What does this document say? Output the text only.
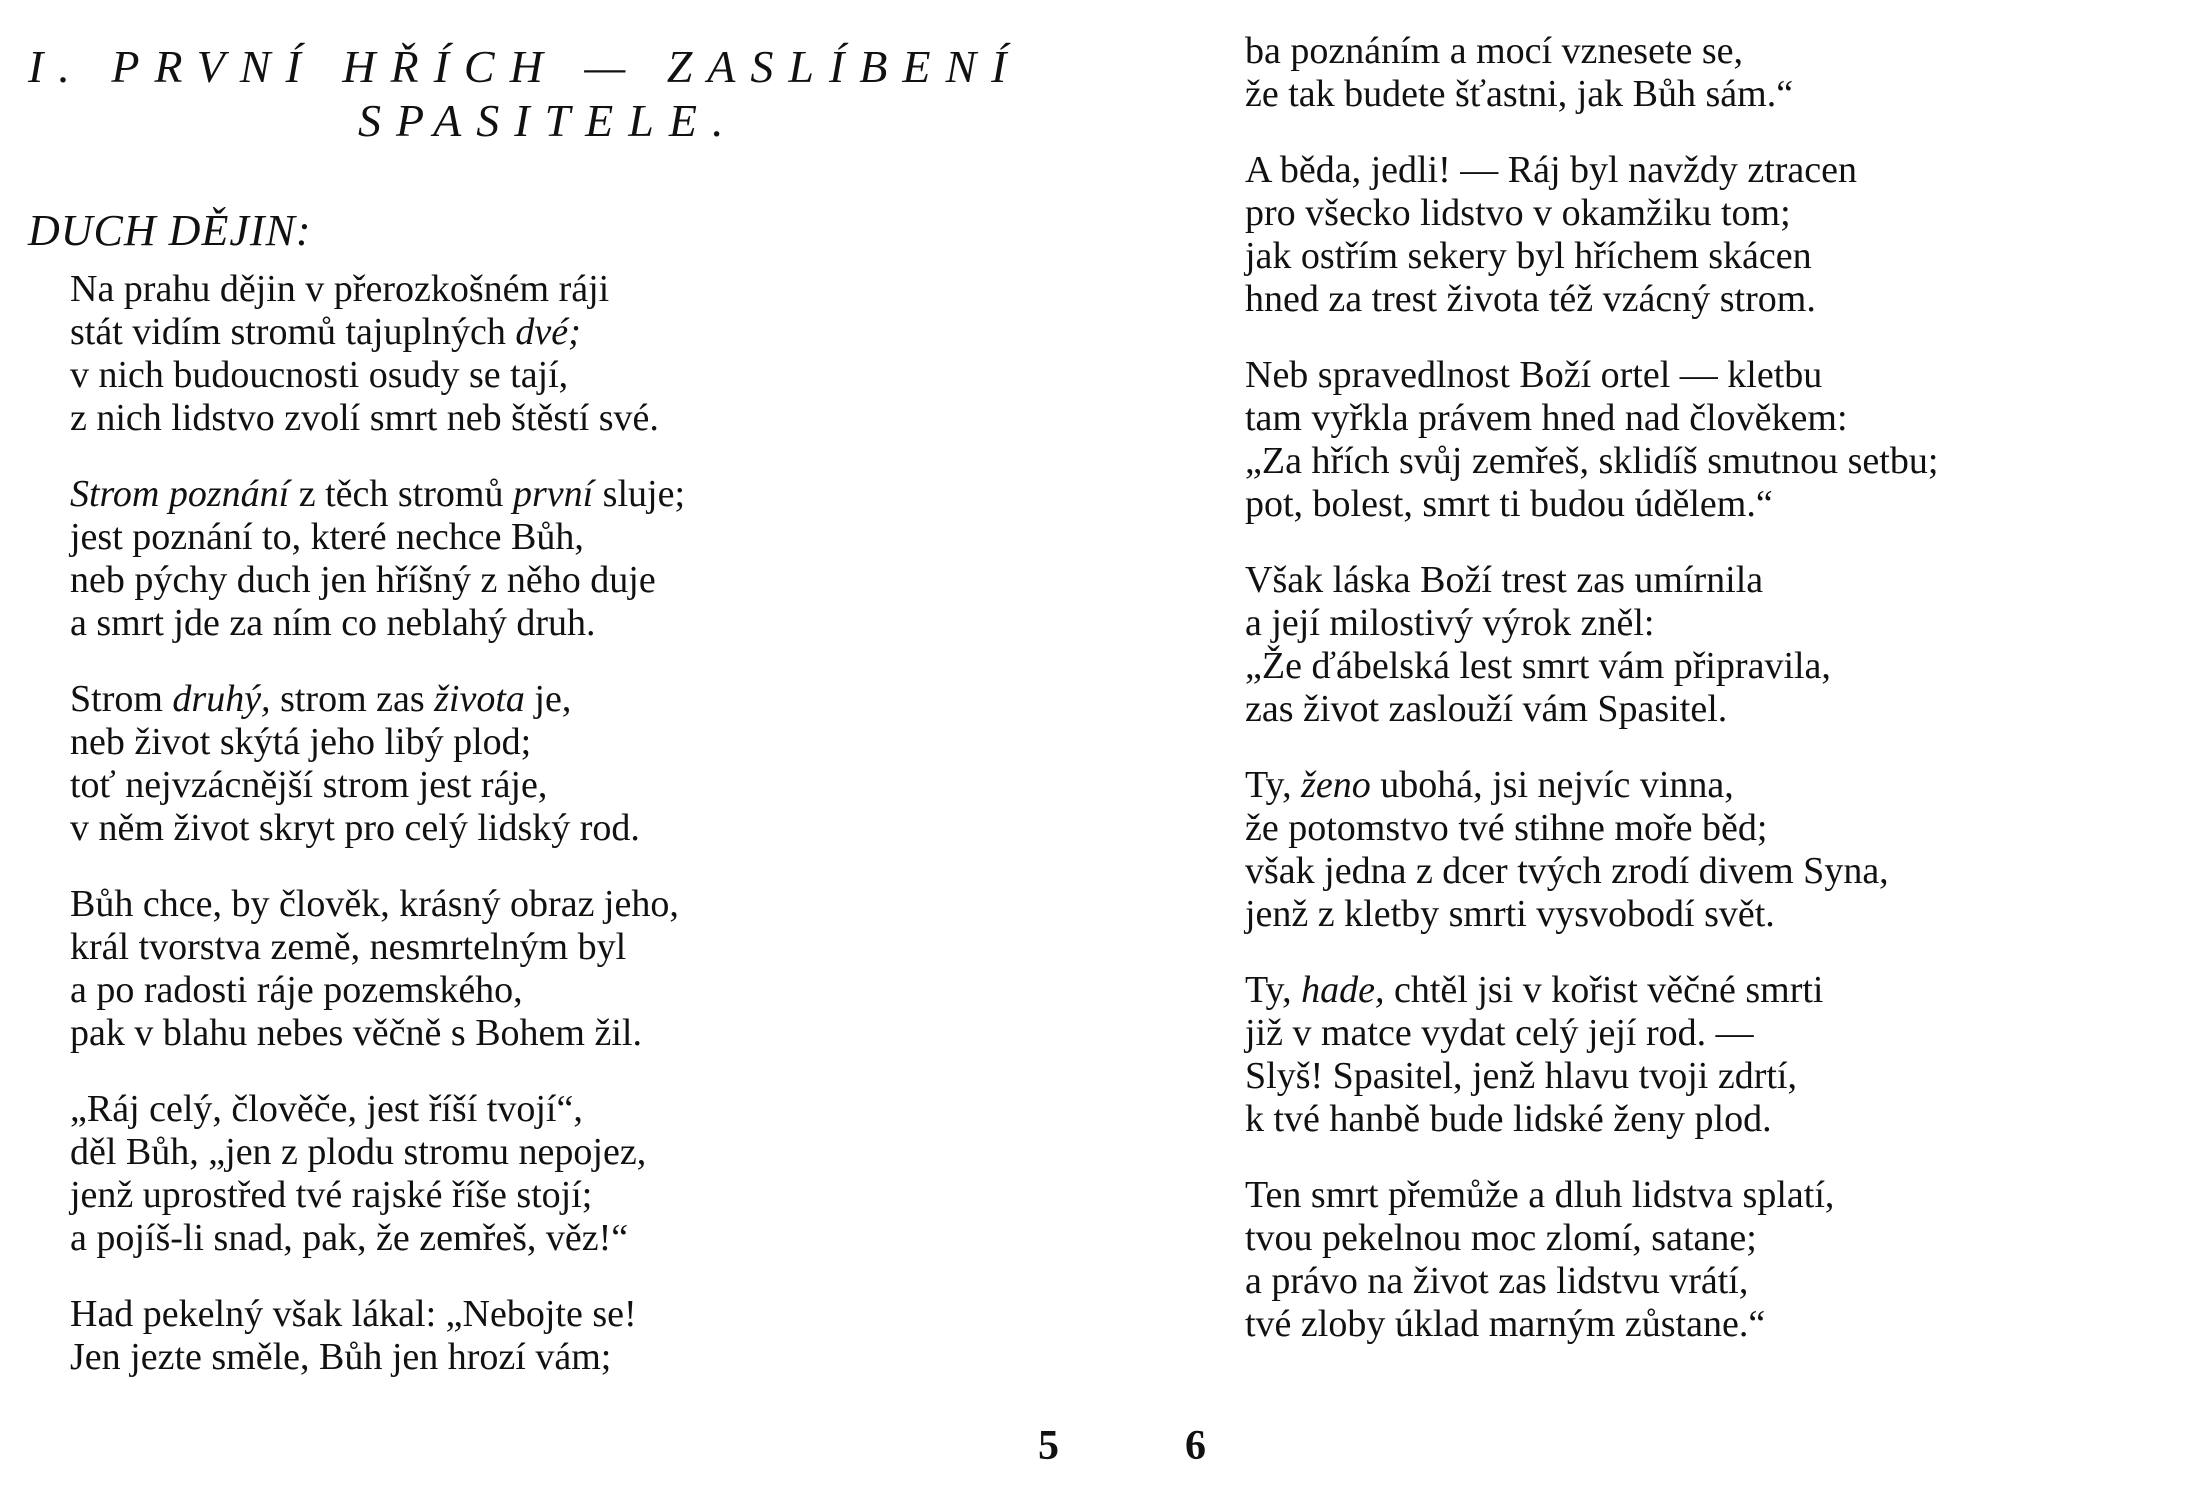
I. PRVNÍ HŘÍCH — ZASLÍBENÍ
SPASITELE.

DUCH DĚJIN:

Na prahu dějin v přerozkošném ráji
stát vidím stromů tajuplných dvé;
v nich budoucnosti osudy se tají,
z nich lidstvo zvolí smrt neb štěstí své.

Strom poznání z těch stromů první sluje;
jest poznání to, které nechce Bůh,
neb pýchy duch jen hříšný z něho duje
a smrt jde za ním co neblahý druh.

Strom druhý, strom zas života je,
neb život skýtá jeho libý plod;
toť nejvzácnější strom jest ráje,
v něm život skryt pro celý lidský rod.

Bůh chce, by člověk, krásný obraz jeho,
král tvorstva země, nesmrtelným byl
a po radosti ráje pozemského,
pak v blahu nebes věčně s Bohem žil.

„Ráj celý, člověče, jest říší tvojí“,
děl Bůh, „jen z plodu stromu nepojez,
jenž uprostřed tvé rajské říše stojí;
a pojíš-li snad, pak, že zemřeš, věz!“

Had pekelný však lákal: „Nebojte se!
Jen jezte směle, Bůh jen hrozí vám;

5

ba poznáním a mocí vznesete se,
že tak budete šťastni, jak Bůh sám.“

A běda, jedli! — Ráj byl navždy ztracen
pro všecko lidstvo v okamžiku tom;
jak ostřím sekery byl hříchem skácen
hned za trest života též vzácný strom.

Neb spravedlnost Boží ortel — kletbu
tam vyřkla právem hned nad člověkem:
„Za hřích svůj zemřeš, sklidíš smutnou setbu;
pot, bolest, smrt ti budou údělem.“

Však láska Boží trest zas umírnila
a její milostivý výrok zněl:
„Že ďábelská lest smrt vám připravila,
zas život zaslouží vám Spasitel.

Ty, ženo ubohá, jsi nejvíc vinna,
že potomstvo tvé stihne moře běd;
však jedna z dcer tvých zrodí divem Syna,
jenž z kletby smrti vysvobodí svět.

Ty, hade, chtěl jsi v kořist věčné smrti
již v matce vydat celý její rod. —
Slyš! Spasitel, jenž hlavu tvoji zdrtí,
k tvé hanbě bude lidské ženy plod.

Ten smrt přemůže a dluh lidstva splatí,
tvou pekelnou moc zlomí, satane;
a právo na život zas lidstvu vrátí,
tvé zloby úklad marným zůstane.“

6
